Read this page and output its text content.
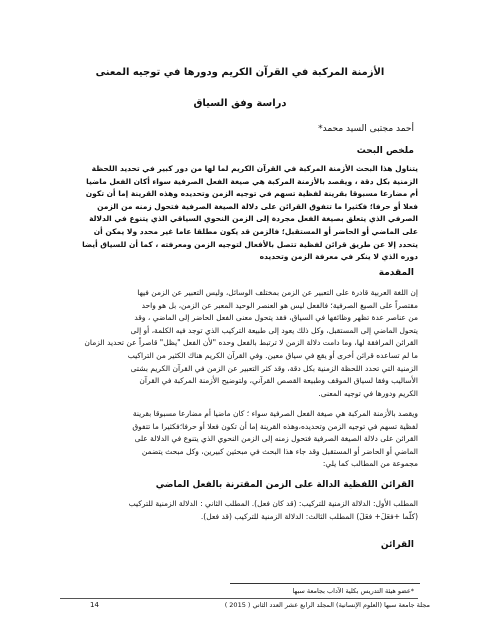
الأزمنة المركبة في القرآن الكريم ودورها في توجيه المعنى
دراسة وفق السياق
أحمد مجتبى السيد محمد*
ملخص البحث
يتناول هذا البحث الأزمنة المركبة في القرآن الكريم لما لها من دور كبير في تحديد اللحظة
الزمنية بكل دقة ، ويقصد بالأزمنة المركبة هي صيغة الفعل الصرفية سواء أكان الفعل ماضيا
أم مضارعا مسبوقا بقرينة لفظية تسهم في توجيه الزمن وتحديده وهذه القرينة إما أن تكون
فعلا أو حرفا؛ فكثيرا ما تتفوق القرائن على دلالة الصيغة الصرفية فتحول زمنه من الزمن
الصرفي الذي يتعلق بصيغة الفعل مجردة إلى الزمن النحوي السياقي الذي يتنوع في الدلالة
على الماضي أو الحاضر أو المستقبل؛ فالزمن قد يكون مطلقا عاما غير محدد ولا يمكن أن
يتحدد إلا عن طريق قرائن لفظية تتصل بالأفعال لتوجيه الزمن ومعرفته ، كما أن للسياق أيضا
دوره الذي لا ينكر في معرفة الزمن وتحديده
المقدمة
إن اللغة العربية قادرة على التعبير عن الزمن بمختلف الوسائل، وليس التعبير عن الزمن فيها
مقتصراً على الصيغ الصرفية؛ فالفعل ليس هو العنصر الوحيد المعبر عن الزمن، بل هو واحد
من عناصر عدة تظهر وظائفها في السياق، فقد يتحول معنى الفعل الحاضر إلى الماضي ، وقد
يتحول الماضي إلى المستقبل، وكل ذلك يعود إلى طبيعة التركيب الذي توجد فيه الكلمة، أو إلى
القرائن المرافقة لها، وما دامت دلالة الزمن لا ترتبط بالفعل وحده "لأن الفعل "يظل" قاصراً عن تحديد الزمان
ما لم تساعده قرائن أخرى أو يقع في سياق معين. وفي القرآن الكريم هناك الكثير من التراكيب
الزمنية التي تحدد اللحظة الزمنية بكل دقة، وقد كثر التعبير عن الزمن في القرآن الكريم بشتى
الأساليب وفقا لسياق الموقف وطبيعة القصص القرآني، ولتوضيح الأزمنة المركبة في القرآن
الكريم ودورها في توجيه المعنى.
ويقصد بالأزمنة المركبة هي صيغة الفعل الصرفية سواء ؛ كان ماضيا أم مضارعا مسبوقا بقرينة
لفظية تسهم في توجيه الزمن وتحديده،وهذه القرينة إما أن تكون فعلا أو حرفا؛فكثيرا ما تتفوق
القرائن على دلالة الصيغة الصرفية فتحول زمنه إلى الزمن النحوي الذي يتنوع في الدلالة على
الماضي أو الحاضر أو المستقبل وقد جاء هذا البحث في مبحثين كبيرين، وكل مبحث يتضمن
مجموعة من المطالب كما يلي:
القرائن اللفظية الدالة على الزمن المقترنة بالفعل الماضي
المطلب الأول: الدلالة الزمنية للتركيب: (قد كان فعل). المطلب الثاني : الدلالة الزمنية للتركيب
(كلّما +فعَلَ+ فعَلَ) المطلب الثالث: الدلالة الزمنية للتركيب (قد فعل).
القرائن
*عضو هيئة التدريس بكلية الآداب بجامعة سبها
مجلة جامعة سبها (العلوم الإنسانية) المجلد الرابع عشر العدد الثاني ( 2015 )
14
